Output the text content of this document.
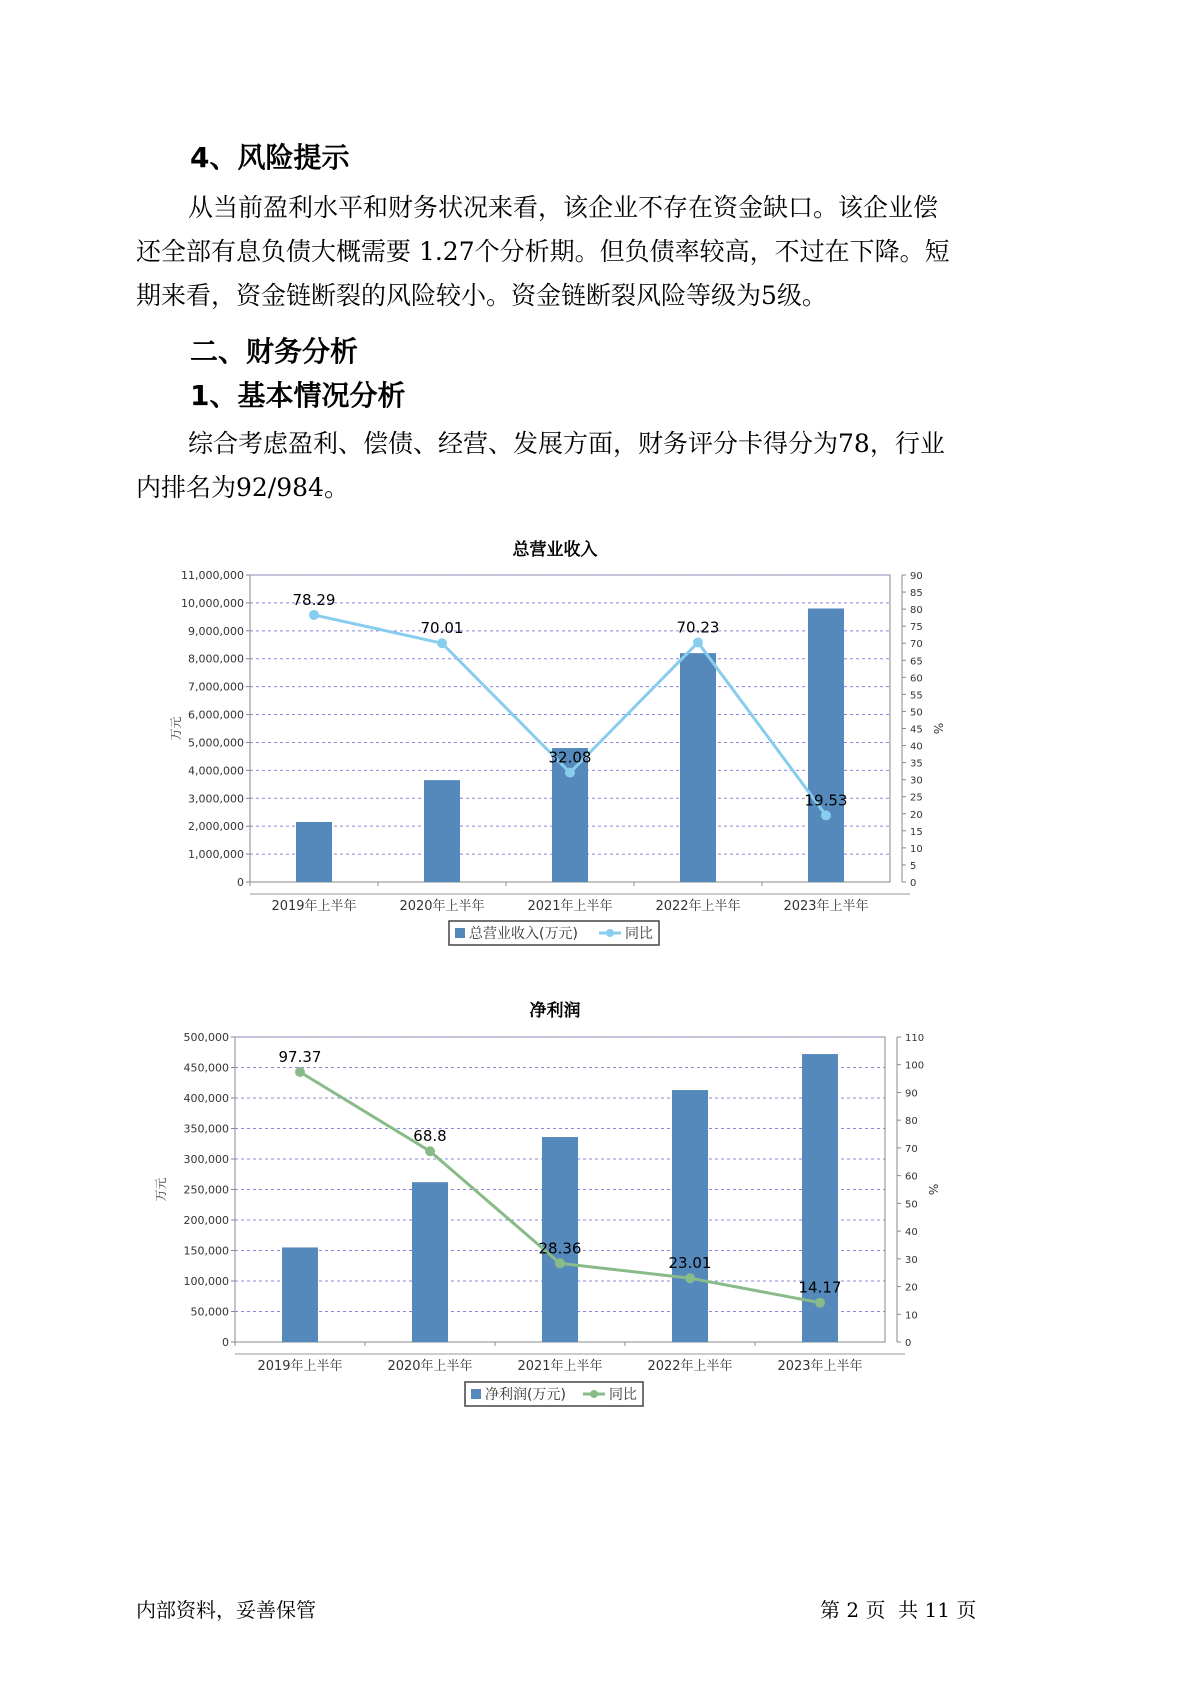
4、风险提示
从当前盈利水平和财务状况来看，该企业不存在资金缺口。该企业偿
还全部有息负债大概需要 1.27个分析期。但负债率较高，不过在下降。短
期来看，资金链断裂的风险较小。资金链断裂风险等级为5级。
二、财务分析
1、基本情况分析
综合考虑盈利、偿债、经营、发展方面，财务评分卡得分为78，行业
内排名为92/984。
总营业收入
0
1,000,000
2,000,000
3,000,000
4,000,000
5,000,000
6,000,000
7,000,000
8,000,000
9,000,000
10,000,000
11,000,000
0
5
10
15
20
25
30
35
40
45
50
55
60
65
70
75
80
85
90
万元	%
2019年上半年	2020年上半年	2021年上半年	2022年上半年	2023年上半年
78.29
70.01
32.08
70.23
19.53
总营业收入(万元)	同比
净利润
0
50,000
100,000
150,000
200,000
250,000
300,000
350,000
400,000
450,000
500,000
0
10
20
30
40
50
60
70
80
90
100
110
万元	%
2019年上半年	2020年上半年	2021年上半年	2022年上半年	2023年上半年
97.37
68.8
28.36
23.01
14.17
净利润(万元)	同比
内部资料，妥善保管	第 2 页  共 11 页
